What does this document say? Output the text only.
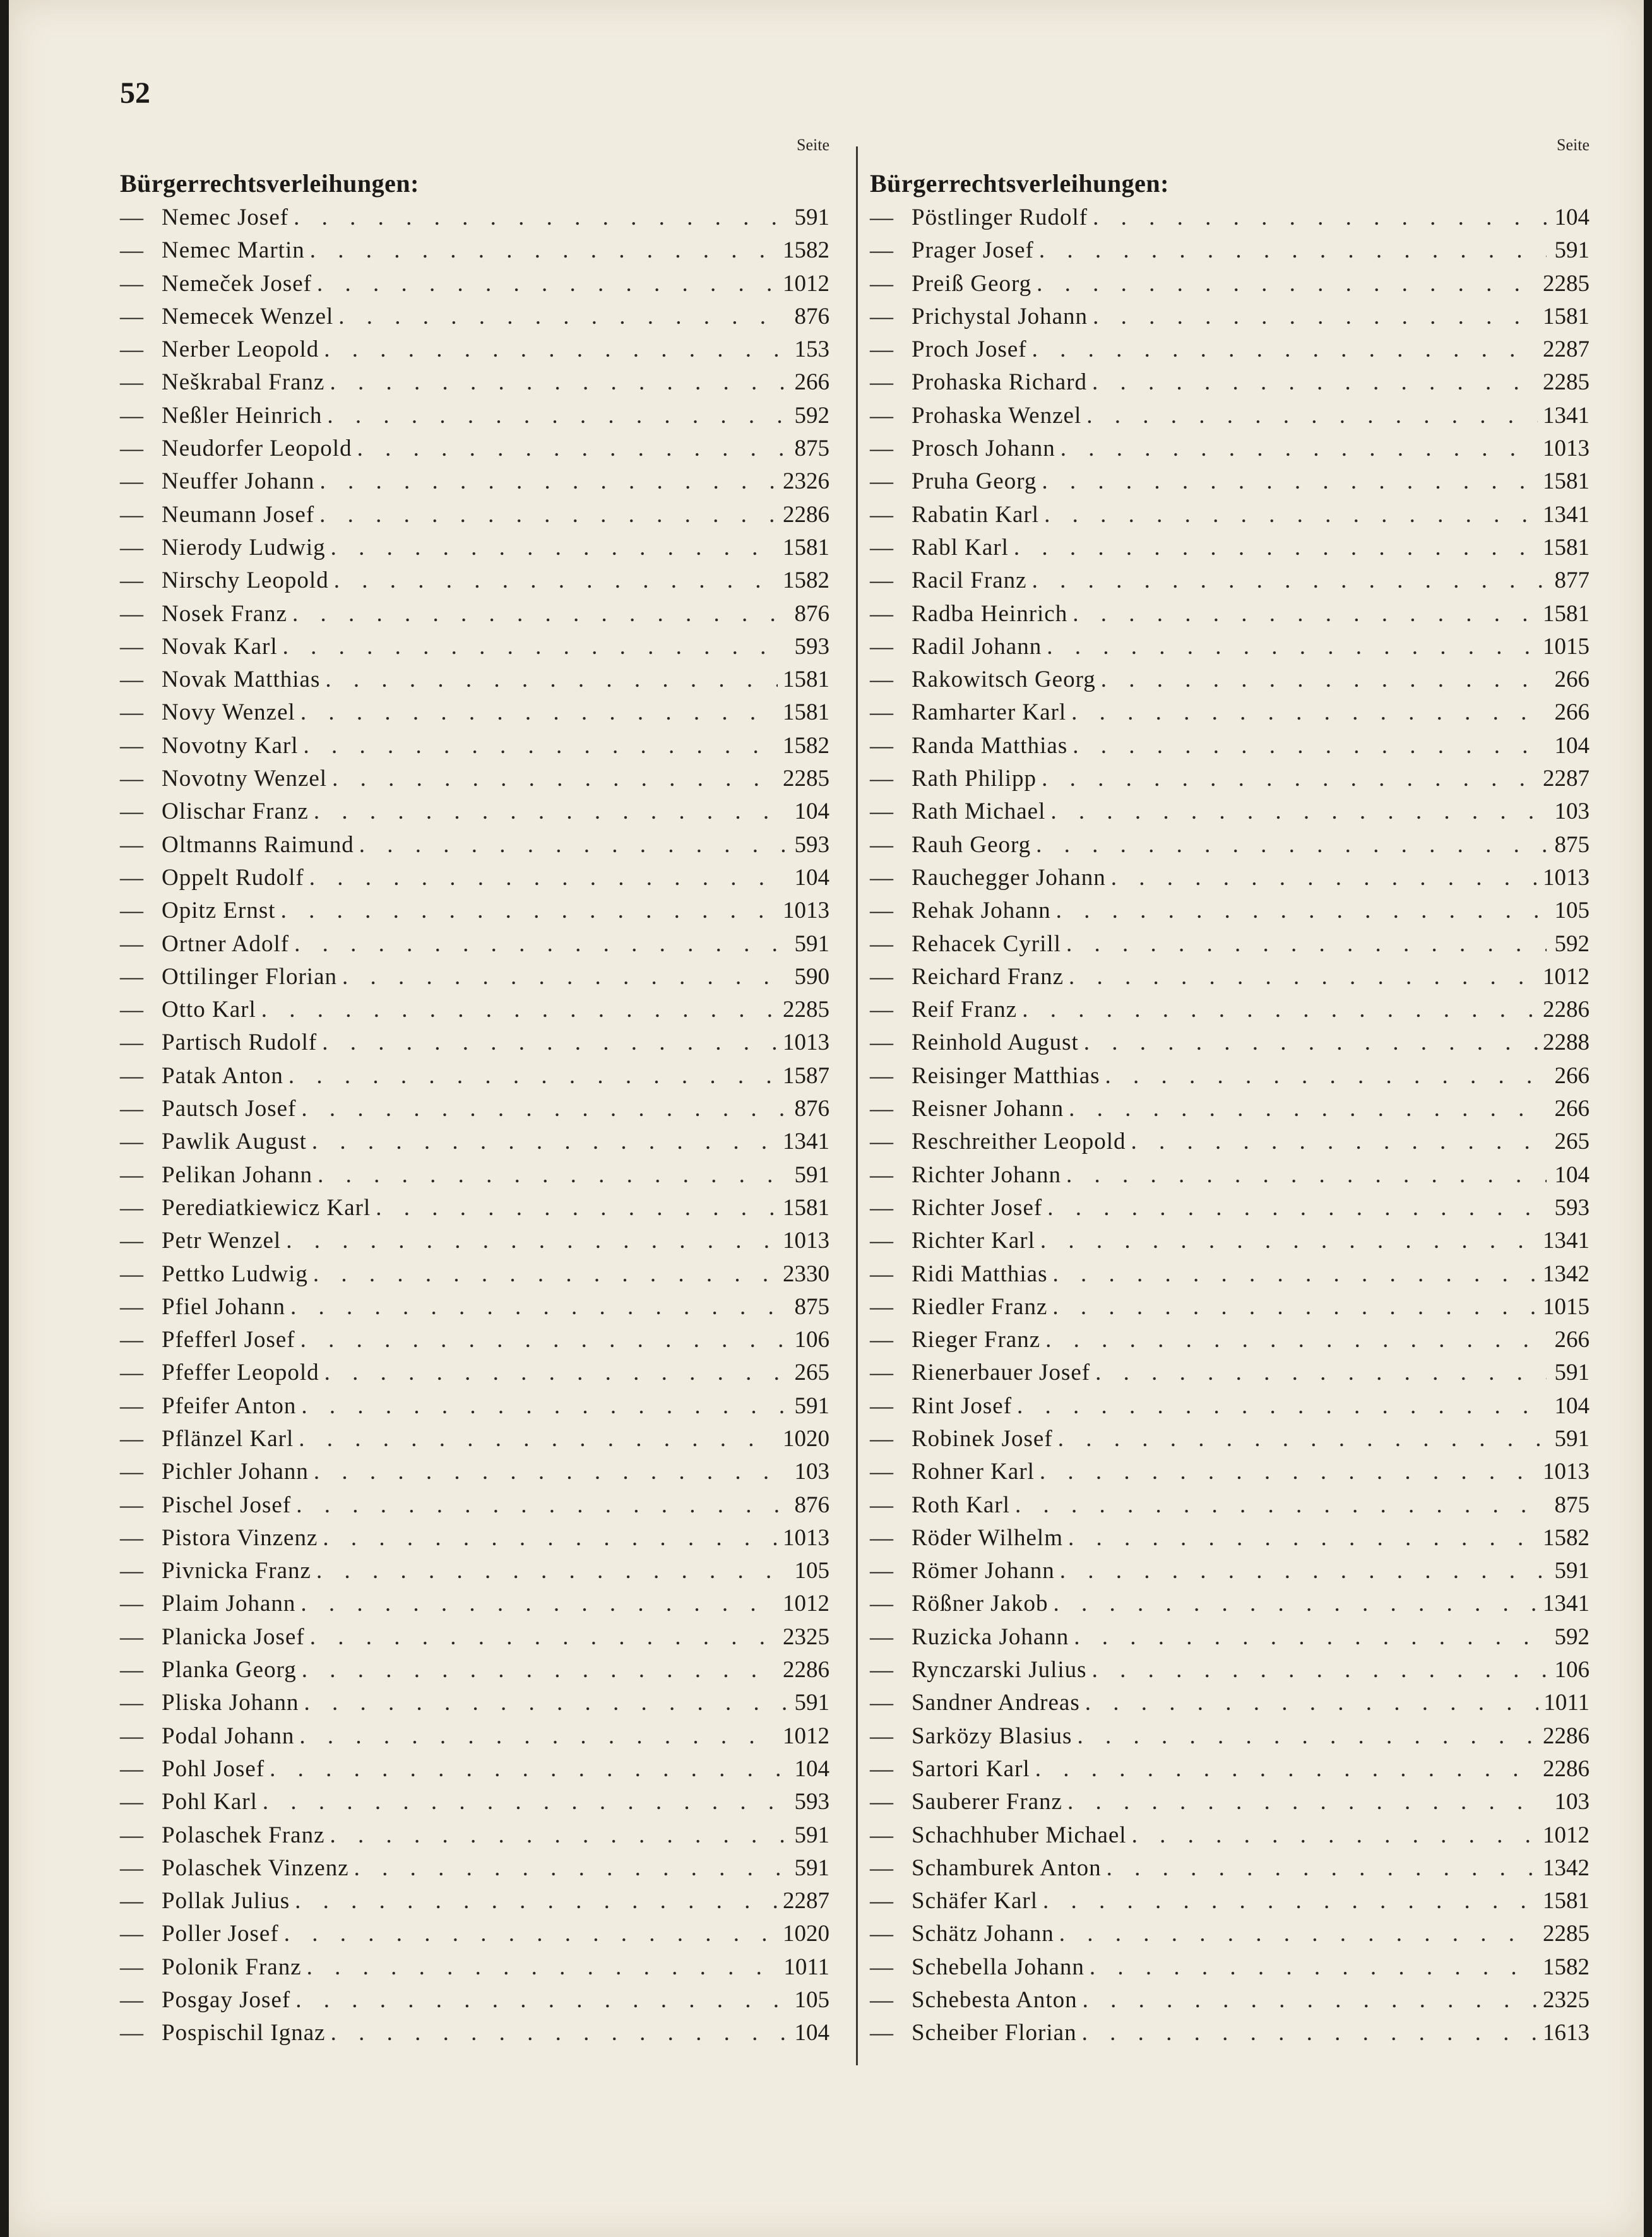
52
Seite
Bürgerrechtsverleihungen:
— Nemec Josef . . .	591
— Nemec Martin . . .	1582
— Nemeček Josef . . .	1012
— Nemecek Wenzel . . .	876
— Nerber Leopold . . .	153
— Neškrabal Franz . . .	266
— Neßler Heinrich . . .	592
— Neudorfer Leopold . . .	875
— Neuffer Johann . . .	2326
— Neumann Josef . . .	2286
— Nierody Ludwig . . .	1581
— Nirschy Leopold . . .	1582
— Nosek Franz . . .	876
— Novak Karl . . .	593
— Novak Matthias . . .	1581
— Novy Wenzel . . .	1581
— Novotny Karl . . .	1582
— Novotny Wenzel . . .	2285
— Olischar Franz . . .	104
— Oltmanns Raimund . . .	593
— Oppelt Rudolf . . .	104
— Opitz Ernst . . .	1013
— Ortner Adolf . . .	591
— Ottilinger Florian . . .	590
— Otto Karl . . .	2285
— Partisch Rudolf . . .	1013
— Patak Anton . . .	1587
— Pautsch Josef . . .	876
— Pawlik August . . .	1341
— Pelikan Johann . . .	591
— Perediatkiewicz Karl . . .	1581
— Petr Wenzel . . .	1013
— Pettko Ludwig . . .	2330
— Pfiel Johann . . .	875
— Pfefferl Josef . . .	106
— Pfeffer Leopold . . .	265
— Pfeifer Anton . . .	591
— Pflänzel Karl . . .	1020
— Pichler Johann . . .	103
— Pischel Josef . . .	876
— Pistora Vinzenz . . .	1013
— Pivnicka Franz . . .	105
— Plaim Johann . . .	1012
— Planicka Josef . . .	2325
— Planka Georg . . .	2286
— Pliska Johann . . .	591
— Podal Johann . . .	1012
— Pohl Josef . . .	104
— Pohl Karl . . .	593
— Polaschek Franz . . .	591
— Polaschek Vinzenz . . .	591
— Pollak Julius . . .	2287
— Poller Josef . . .	1020
— Polonik Franz . . .	1011
— Posgay Josef . . .	105
— Pospischil Ignaz . . .	104
Seite
Bürgerrechtsverleihungen:
— Pöstlinger Rudolf . . .	104
— Prager Josef . . .	591
— Preiß Georg . . .	2285
— Prichystal Johann . . .	1581
— Proch Josef . . .	2287
— Prohaska Richard . . .	2285
— Prohaska Wenzel . . .	1341
— Prosch Johann . . .	1013
— Pruha Georg . . .	1581
— Rabatin Karl . . .	1341
— Rabl Karl . . .	1581
— Racil Franz . . .	877
— Radba Heinrich . . .	1581
— Radil Johann . . .	1015
— Rakowitsch Georg . . .	266
— Ramharter Karl . . .	266
— Randa Matthias . . .	104
— Rath Philipp . . .	2287
— Rath Michael . . .	103
— Rauh Georg . . .	875
— Rauchegger Johann . . .	1013
— Rehak Johann . . .	105
— Rehacek Cyrill . . .	592
— Reichard Franz . . .	1012
— Reif Franz . . .	2286
— Reinhold August . . .	2288
— Reisinger Matthias . . .	266
— Reisner Johann . . .	266
— Reschreither Leopold . . .	265
— Richter Johann . . .	104
— Richter Josef . . .	593
— Richter Karl . . .	1341
— Ridi Matthias . . .	1342
— Riedler Franz . . .	1015
— Rieger Franz . . .	266
— Rienerbauer Josef . . .	591
— Rint Josef . . .	104
— Robinek Josef . . .	591
— Rohner Karl . . .	1013
— Roth Karl . . .	875
— Röder Wilhelm . . .	1582
— Römer Johann . . .	591
— Rößner Jakob . . .	1341
— Ruzicka Johann . . .	592
— Rynczarski Julius . . .	106
— Sandner Andreas . . .	1011
— Sarközy Blasius . . .	2286
— Sartori Karl . . .	2286
— Sauberer Franz . . .	103
— Schachhuber Michael . . .	1012
— Schamburek Anton . . .	1342
— Schäfer Karl . . .	1581
— Schätz Johann . . .	2285
— Schebella Johann . . .	1582
— Schebesta Anton . . .	2325
— Scheiber Florian . . .	1613
